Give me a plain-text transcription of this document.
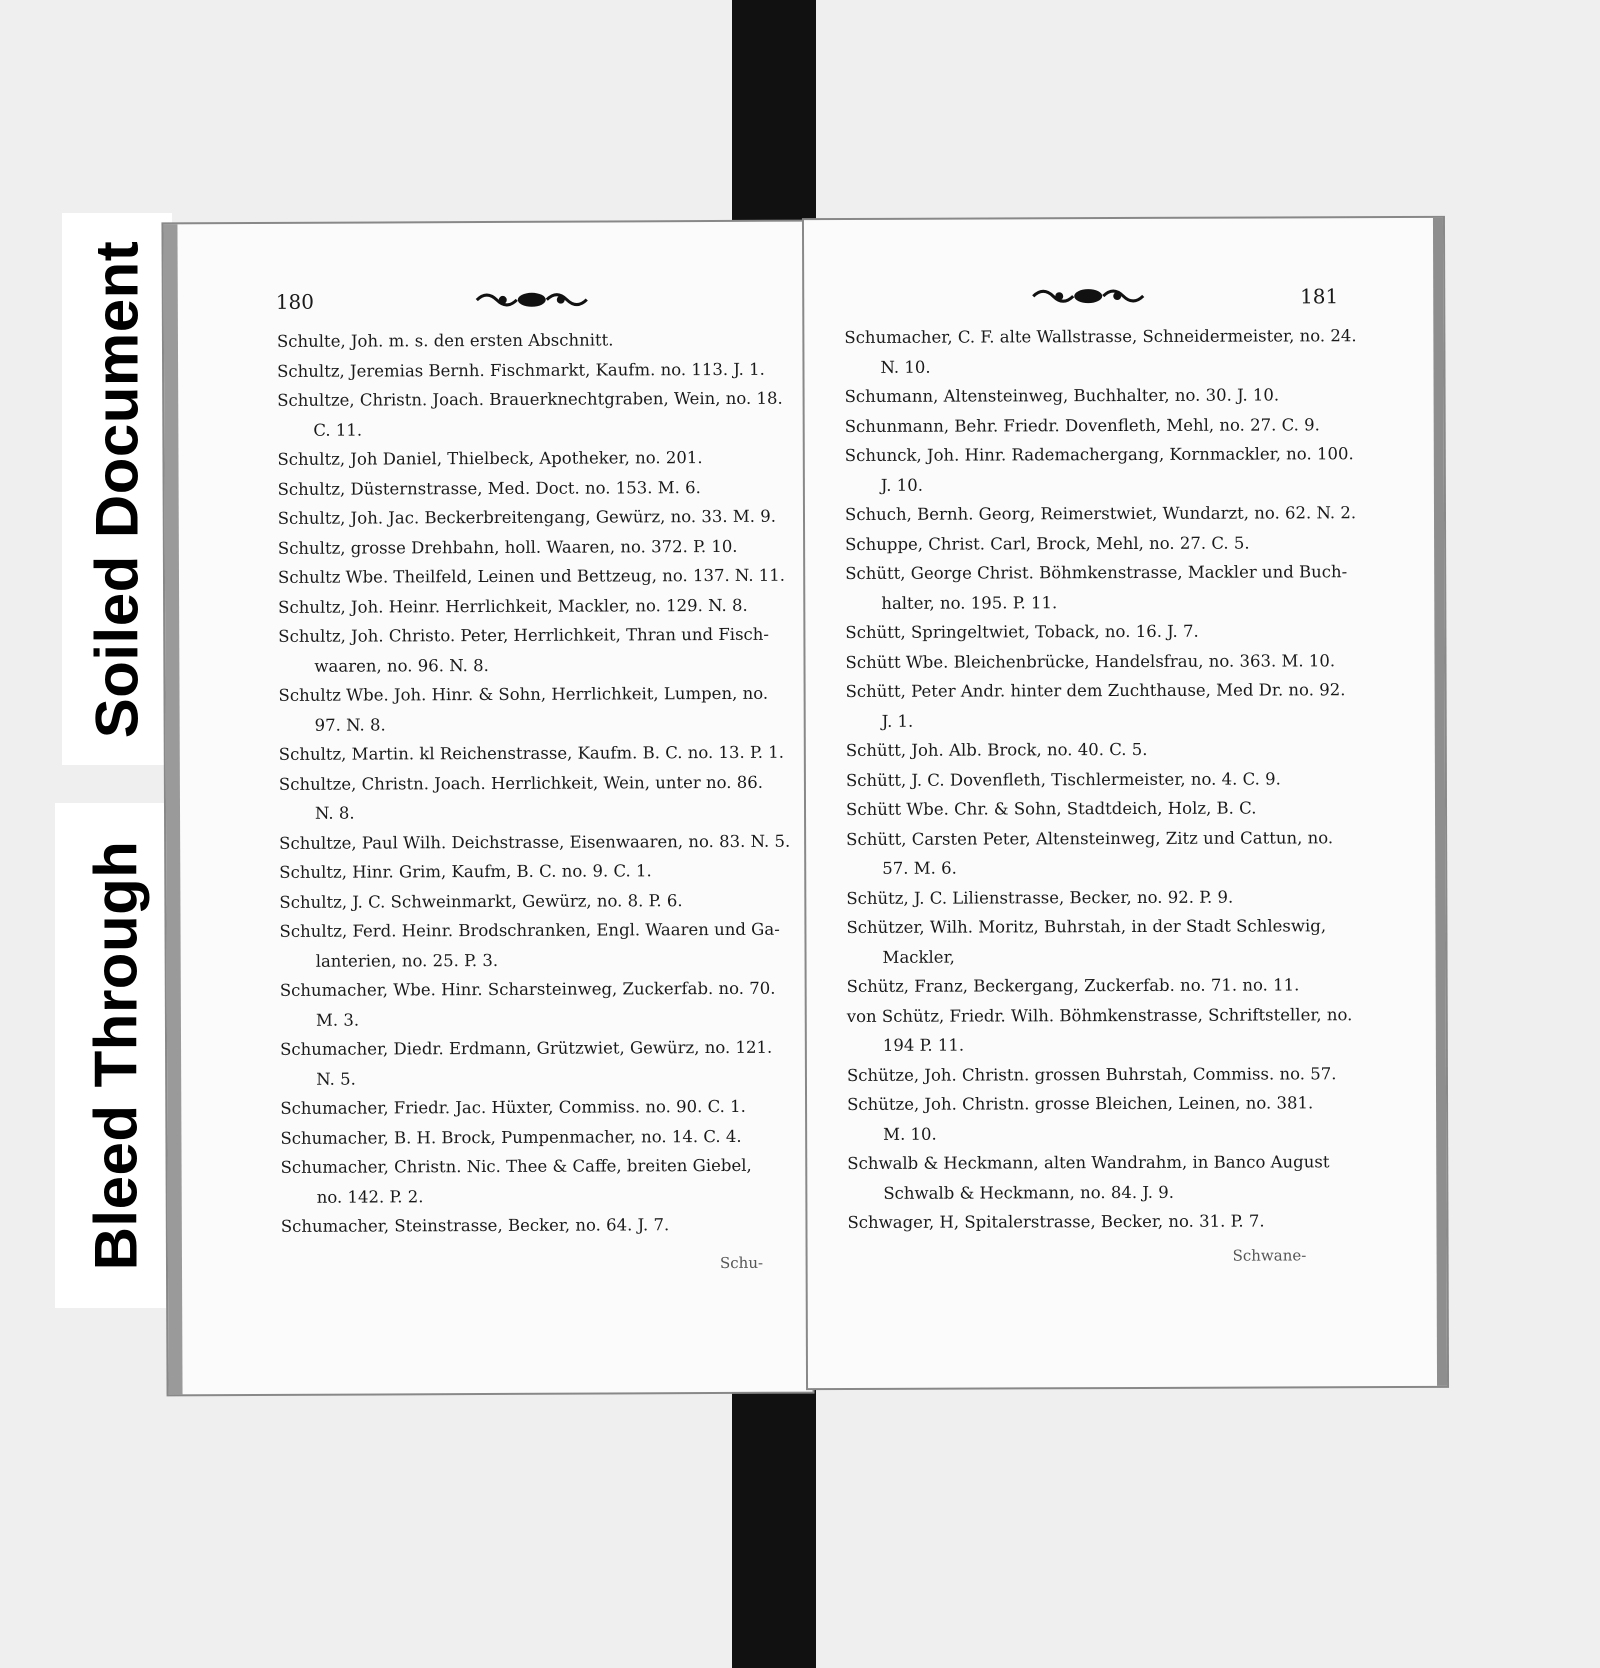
Soiled Document
Bleed Through
180
Schulte, Joh. m. s. den ersten Abschnitt.
Schultz, Jeremias Bernh. Fischmarkt, Kaufm. no. 113. J. 1.
Schultze, Christn. Joach. Brauerknechtgraben, Wein, no. 18.
C. 11.
Schultz, Joh Daniel, Thielbeck, Apotheker, no. 201.
Schultz, Düsternstrasse, Med. Doct. no. 153. M. 6.
Schultz, Joh. Jac. Beckerbreitengang, Gewürz, no. 33. M. 9.
Schultz, grosse Drehbahn, holl. Waaren, no. 372. P. 10.
Schultz Wbe. Theilfeld, Leinen und Bettzeug, no. 137. N. 11.
Schultz, Joh. Heinr. Herrlichkeit, Mackler, no. 129. N. 8.
Schultz, Joh. Christo. Peter, Herrlichkeit, Thran und Fisch-
waaren, no. 96. N. 8.
Schultz Wbe. Joh. Hinr. & Sohn, Herrlichkeit, Lumpen, no.
97. N. 8.
Schultz, Martin. kl Reichenstrasse, Kaufm. B. C. no. 13. P. 1.
Schultze, Christn. Joach. Herrlichkeit, Wein, unter no. 86.
N. 8.
Schultze, Paul Wilh. Deichstrasse, Eisenwaaren, no. 83. N. 5.
Schultz, Hinr. Grim, Kaufm, B. C. no. 9. C. 1.
Schultz, J. C. Schweinmarkt, Gewürz, no. 8. P. 6.
Schultz, Ferd. Heinr. Brodschranken, Engl. Waaren und Ga-
lanterien, no. 25. P. 3.
Schumacher, Wbe. Hinr. Scharsteinweg, Zuckerfab. no. 70.
M. 3.
Schumacher, Diedr. Erdmann, Grützwiet, Gewürz, no. 121.
N. 5.
Schumacher, Friedr. Jac. Hüxter, Commiss. no. 90. C. 1.
Schumacher, B. H. Brock, Pumpenmacher, no. 14. C. 4.
Schumacher, Christn. Nic. Thee & Caffe, breiten Giebel,
no. 142. P. 2.
Schumacher, Steinstrasse, Becker, no. 64. J. 7.
Schu-
181
Schumacher, C. F. alte Wallstrasse, Schneidermeister, no. 24.
N. 10.
Schumann, Altensteinweg, Buchhalter, no. 30. J. 10.
Schunmann, Behr. Friedr. Dovenfleth, Mehl, no. 27. C. 9.
Schunck, Joh. Hinr. Rademachergang, Kornmackler, no. 100.
J. 10.
Schuch, Bernh. Georg, Reimerstwiet, Wundarzt, no. 62. N. 2.
Schuppe, Christ. Carl, Brock, Mehl, no. 27. C. 5.
Schütt, George Christ. Böhmkenstrasse, Mackler und Buch-
halter, no. 195. P. 11.
Schütt, Springeltwiet, Toback, no. 16. J. 7.
Schütt Wbe. Bleichenbrücke, Handelsfrau, no. 363. M. 10.
Schütt, Peter Andr. hinter dem Zuchthause, Med Dr. no. 92.
J. 1.
Schütt, Joh. Alb. Brock, no. 40. C. 5.
Schütt, J. C. Dovenfleth, Tischlermeister, no. 4. C. 9.
Schütt Wbe. Chr. & Sohn, Stadtdeich, Holz, B. C.
Schütt, Carsten Peter, Altensteinweg, Zitz und Cattun, no.
57. M. 6.
Schütz, J. C. Lilienstrasse, Becker, no. 92. P. 9.
Schützer, Wilh. Moritz, Buhrstah, in der Stadt Schleswig,
Mackler,
Schütz, Franz, Beckergang, Zuckerfab. no. 71. no. 11.
von Schütz, Friedr. Wilh. Böhmkenstrasse, Schriftsteller, no.
194 P. 11.
Schütze, Joh. Christn. grossen Buhrstah, Commiss. no. 57.
Schütze, Joh. Christn. grosse Bleichen, Leinen, no. 381.
M. 10.
Schwalb & Heckmann, alten Wandrahm, in Banco August
Schwalb & Heckmann, no. 84. J. 9.
Schwager, H, Spitalerstrasse, Becker, no. 31. P. 7.
Schwane-
